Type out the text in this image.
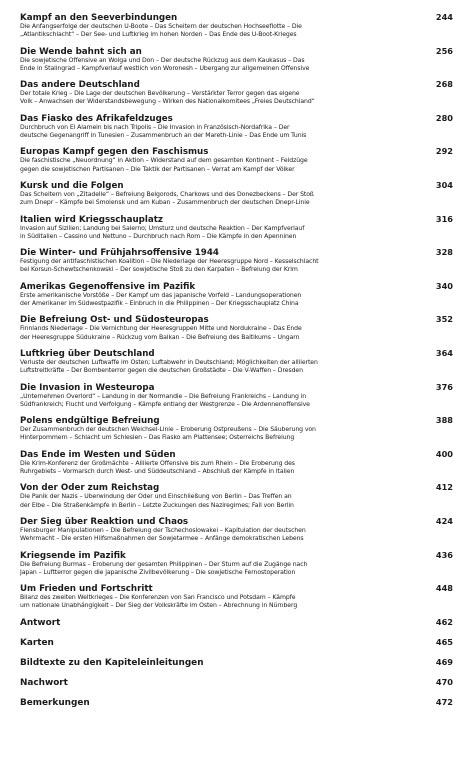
Kampf an den Seeverbindungen	244
Die Anfangserfolge der deutschen U-Boote – Das Scheitern der deutschen Hochseeflotte – Die
„Atlantikschlacht“ – Der See- und Luftkrieg im hohen Norden – Das Ende des U-Boot-Krieges
Die Wende bahnt sich an	256
Die sowjetische Offensive an Wolga und Don – Der deutsche Rückzug aus dem Kaukasus – Das
Ende in Stalingrad – Kampfverlauf westlich von Woronesh – Übergang zur allgemeinen Offensive
Das andere Deutschland	268
Der totale Krieg – Die Lage der deutschen Bevölkerung – Verstärkter Terror gegen das eigene
Volk – Anwachsen der Widerstandsbewegung – Wirken des Nationalkomitees „Freies Deutschland“
Das Fiasko des Afrikafeldzuges	280
Durchbruch von El Alamein bis nach Tripolis – Die Invasion in Französisch-Nordafrika – Der
deutsche Gegenangriff in Tunesien – Zusammenbruch an der Mareth-Linie – Das Ende um Tunis
Europas Kampf gegen den Faschismus	292
Die faschistische „Neuordnung“ in Aktion – Widerstand auf dem gesamten Kontinent – Feldzüge
gegen die sowjetischen Partisanen – Die Taktik der Partisanen – Verrat am Kampf der Völker
Kursk und die Folgen	304
Das Scheitern von „Zitadelle“ – Befreiung Belgorods, Charkows und des Donezbeckens – Der Stoß
zum Dnepr – Kämpfe bei Smolensk und am Kuban – Zusammenbruch der deutschen Dnepr-Linie
Italien wird Kriegsschauplatz	316
Invasion auf Sizilien; Landung bei Salerno; Umsturz und deutsche Reaktion – Der Kampfverlauf
in Süditalien – Cassino und Nettuno – Durchbruch nach Rom – Die Kämpfe in den Apenninen
Die Winter- und Frühjahrsoffensive 1944	328
Festigung der antifaschistischen Koalition – Die Niederlage der Heeresgruppe Nord – Kesselschlacht
bei Korsun-Schewtschenkowski – Der sowjetische Stoß zu den Karpaten – Befreiung der Krim
Amerikas Gegenoffensive im Pazifik	340
Erste amerikanische Vorstöße – Der Kampf um das japanische Vorfeld – Landungsoperationen
der Amerikaner im Südwestpazifik – Einbruch in die Philippinen – Der Kriegsschauplatz China
Die Befreiung Ost- und Südosteuropas	352
Finnlands Niederlage – Die Vernichtung der Heeresgruppen Mitte und Nordukraine – Das Ende
der Heeresgruppe Südukraine – Rückzug vom Balkan – Die Befreiung des Baltikums – Ungarn
Luftkrieg über Deutschland	364
Verluste der deutschen Luftwaffe im Osten; Luftabwehr in Deutschland; Möglichkeiten der alliierten
Luftstreitkräfte – Der Bombenterror gegen die deutschen Großstädte – Die V-Waffen – Dresden
Die Invasion in Westeuropa	376
„Unternehmen Overlord“ – Landung in der Normandie – Die Befreiung Frankreichs – Landung in
Südfrankreich; Flucht und Verfolgung – Kämpfe entlang der Westgrenze – Die Ardennenoffensive
Polens endgültige Befreiung	388
Der Zusammenbruch der deutschen Weichsel-Linie – Eroberung Ostpreußens – Die Säuberung von
Hinterpommern – Schlacht um Schlesien – Das Fiasko am Plattensee; Österreichs Befreiung
Das Ende im Westen und Süden	400
Die Krim-Konferenz der Großmächte – Alliierte Offensive bis zum Rhein – Die Eroberung des
Ruhrgebiets – Vormarsch durch West- und Süddeutschland – Abschluß der Kämpfe in Italien
Von der Oder zum Reichstag	412
Die Panik der Nazis – Überwindung der Oder und Einschließung von Berlin – Das Treffen an
der Elbe – Die Straßenkämpfe in Berlin – Letzte Zuckungen des Naziregimes; Fall von Berlin
Der Sieg über Reaktion und Chaos	424
Flensburger Manipulationen – Die Befreiung der Tschechoslowakei – Kapitulation der deutschen
Wehrmacht – Die ersten Hilfsmaßnahmen der Sowjetarmee – Anfänge demokratischen Lebens
Kriegsende im Pazifik	436
Die Befreiung Burmas – Eroberung der gesamten Philippinen – Der Sturm auf die Zugänge nach
Japan – Luftterror gegen die japanische Zivilbevölkerung – Die sowjetische Fernostoperation
Um Frieden und Fortschritt	448
Bilanz des zweiten Weltkrieges – Die Konferenzen von San Francisco und Potsdam – Kämpfe
um nationale Unabhängigkeit – Der Sieg der Volkskräfte im Osten – Abrechnung in Nürnberg
Antwort	462
Karten	465
Bildtexte zu den Kapiteleinleitungen	469
Nachwort	470
Bemerkungen	472
